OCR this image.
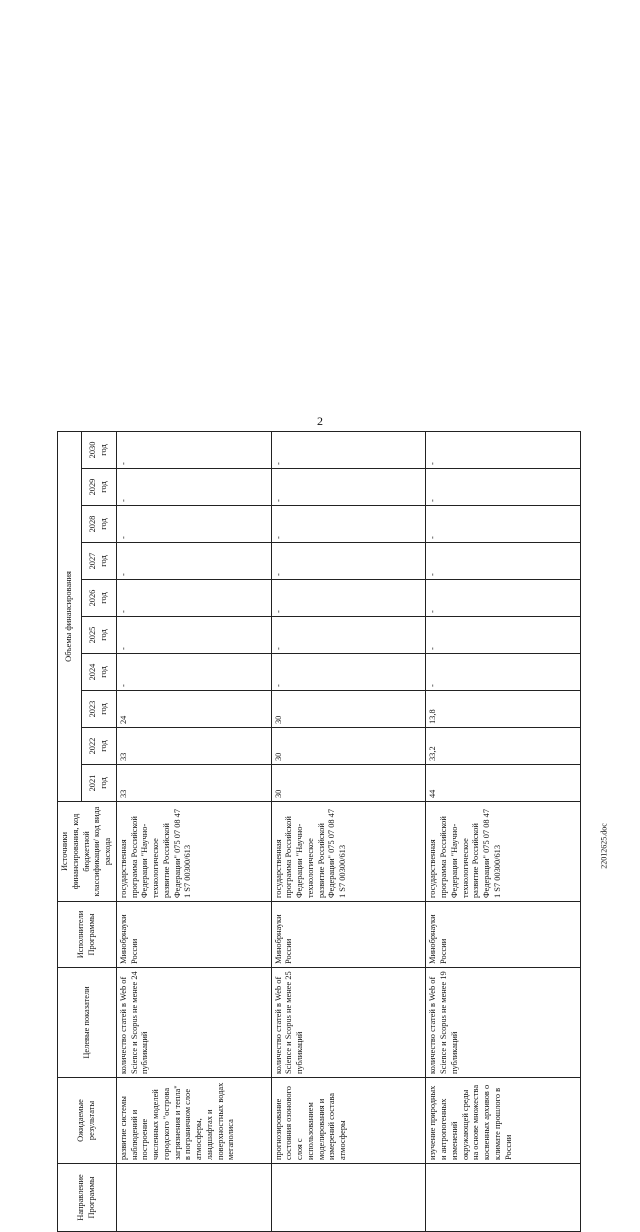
2
22012625.doc
Направление Программы	Ожидаемые результаты	Целевые показатели	Исполнители Программы	Источники финансирования, код бюджетной классификации/ код вида расхода	Объемы финансирования									
					2021 год	2022 год	2023 год	2024 год	2025 год	2026 год	2027 год	2028 год	2029 год	2030 год
	развитие системы наблюдений и построение численных моделей городского "острова загрязнения и тепла" в пограничном слое атмосферы, ландшафтах и поверхностных водах мегаполиса	количество статей в Web of Science и Scopus не менее 24 публикаций	Минобрнауки России	государственная программа Российской Федерации "Научно-технологическое развитие Российской Федерации" 075 07 08 47 1 S7 00300/613	33	33	24	-	-	-	-	-	-	-
	прогнозирование состояния озонового слоя с использованием моделирования и измерений состава атмосферы	количество статей в Web of Science и Scopus не менее 25 публикаций	Минобрнауки России	государственная программа Российской Федерации "Научно-технологическое развитие Российской Федерации" 075 07 08 47 1 S7 00300/613	30	30	30	-	-	-	-	-	-	-
	изучение природных и антропогенных изменений окружающей среды на основе множества косвенных архивов о климате прошлого в России	количество статей в Web of Science и Scopus не менее 19 публикаций	Минобрнауки России	государственная программа Российской Федерации "Научно-технологическое развитие Российской Федерации" 075 07 08 47 1 S7 00300/613	44	33,2	13,8	-	-	-	-	-	-	-
